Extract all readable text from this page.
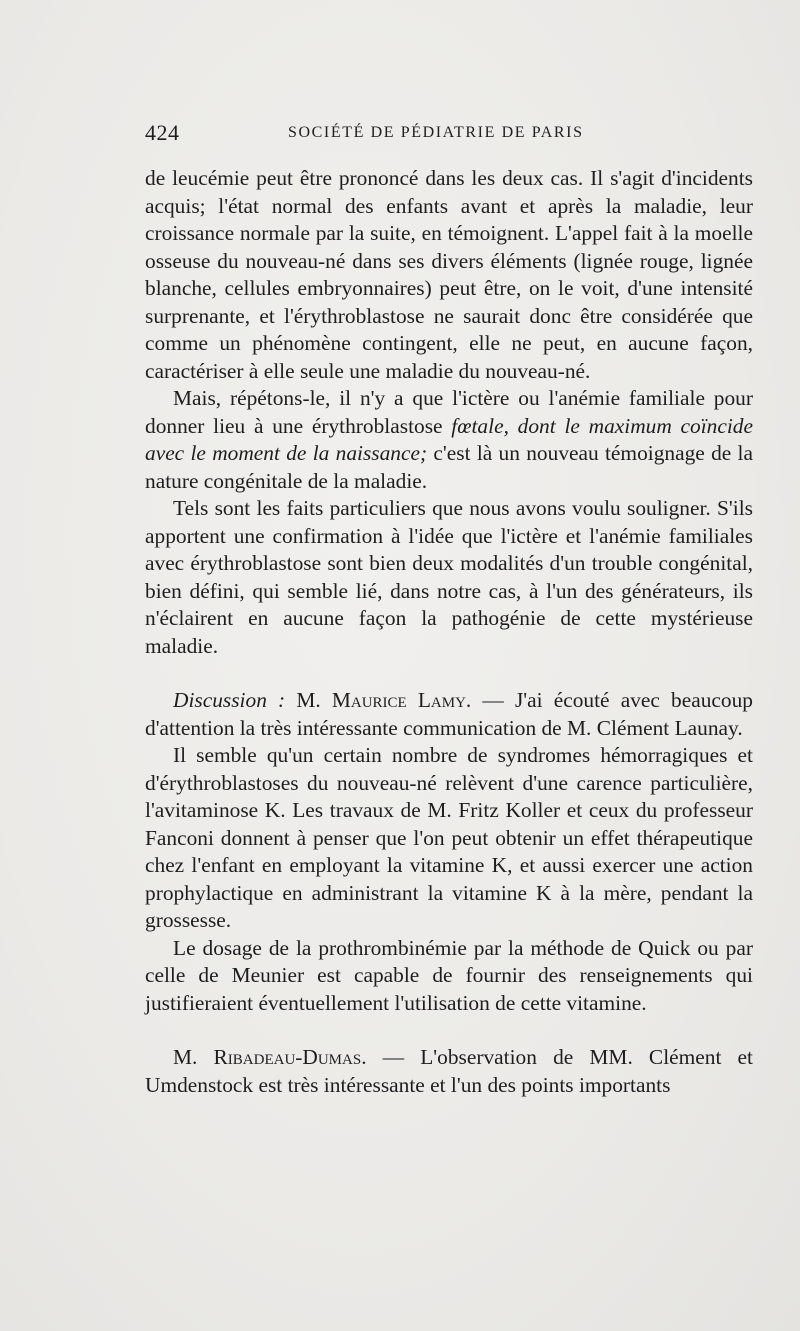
424	SOCIÉTÉ DE PÉDIATRIE DE PARIS

de leucémie peut être prononcé dans les deux cas. Il s'agit d'incidents acquis; l'état normal des enfants avant et après la maladie, leur croissance normale par la suite, en témoignent. L'appel fait à la moelle osseuse du nouveau-né dans ses divers éléments (lignée rouge, lignée blanche, cellules embryonnaires) peut être, on le voit, d'une intensité surprenante, et l'érythroblastose ne saurait donc être considérée que comme un phénomène contingent, elle ne peut, en aucune façon, caractériser à elle seule une maladie du nouveau-né.

Mais, répétons-le, il n'y a que l'ictère ou l'anémie familiale pour donner lieu à une érythroblastose fœtale, dont le maximum coïncide avec le moment de la naissance; c'est là un nouveau témoignage de la nature congénitale de la maladie.

Tels sont les faits particuliers que nous avons voulu souligner. S'ils apportent une confirmation à l'idée que l'ictère et l'anémie familiales avec érythroblastose sont bien deux modalités d'un trouble congénital, bien défini, qui semble lié, dans notre cas, à l'un des générateurs, ils n'éclairent en aucune façon la pathogénie de cette mystérieuse maladie.

Discussion : M. Maurice Lamy. — J'ai écouté avec beaucoup d'attention la très intéressante communication de M. Clément Launay.

Il semble qu'un certain nombre de syndromes hémorragiques et d'érythroblastoses du nouveau-né relèvent d'une carence particulière, l'avitaminose K. Les travaux de M. Fritz Koller et ceux du professeur Fanconi donnent à penser que l'on peut obtenir un effet thérapeutique chez l'enfant en employant la vitamine K, et aussi exercer une action prophylactique en administrant la vitamine K à la mère, pendant la grossesse.

Le dosage de la prothrombinémie par la méthode de Quick ou par celle de Meunier est capable de fournir des renseignements qui justifieraient éventuellement l'utilisation de cette vitamine.

M. Ribadeau-Dumas. — L'observation de MM. Clément et Umdenstock est très intéressante et l'un des points importants
